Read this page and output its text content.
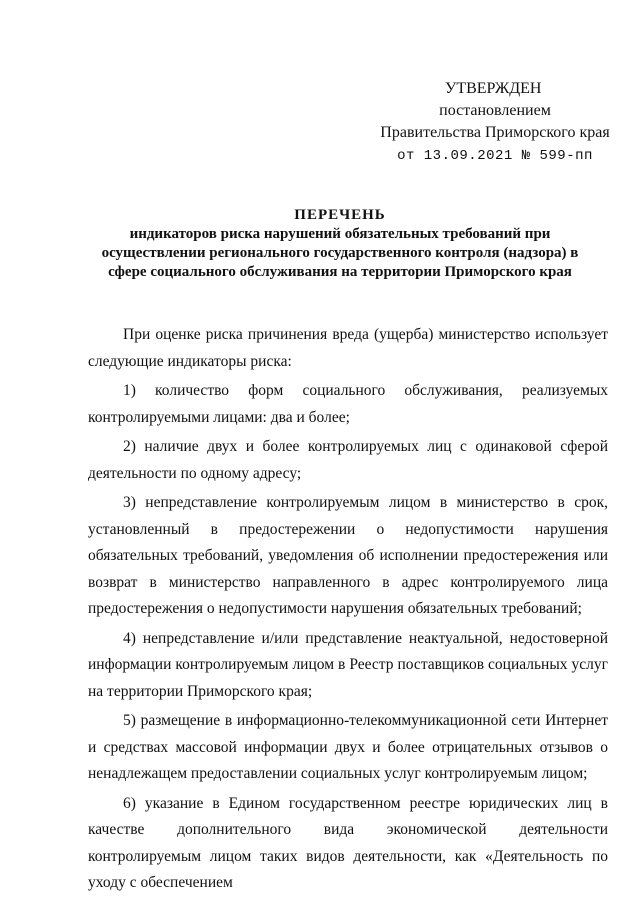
УТВЕРЖДЕН
постановлением
Правительства Приморского края
от 13.09.2021 № 599-пп
ПЕРЕЧЕНЬ
индикаторов риска нарушений обязательных требований при
осуществлении регионального государственного контроля (надзора) в
сфере социального обслуживания на территории Приморского края

При оценке риска причинения вреда (ущерба) министерство использует следующие индикаторы риска:

1) количество форм социального обслуживания, реализуемых контролируемыми лицами: два и более;

2) наличие двух и более контролируемых лиц с одинаковой сферой деятельности по одному адресу;

3) непредставление контролируемым лицом в министерство в срок, установленный в предостережении о недопустимости нарушения обязательных требований, уведомления об исполнении предостережения или возврат в министерство направленного в адрес контролируемого лица предостережения о недопустимости нарушения обязательных требований;

4) непредставление и/или представление неактуальной, недостоверной информации контролируемым лицом в Реестр поставщиков социальных услуг на территории Приморского края;

5) размещение в информационно-телекоммуникационной сети Интернет и средствах массовой информации двух и более отрицательных отзывов о ненадлежащем предоставлении социальных услуг контролируемым лицом;

6) указание в Едином государственном реестре юридических лиц в качестве дополнительного вида экономической деятельности контролируемым лицом таких видов деятельности, как «Деятельность по уходу с обеспечением
